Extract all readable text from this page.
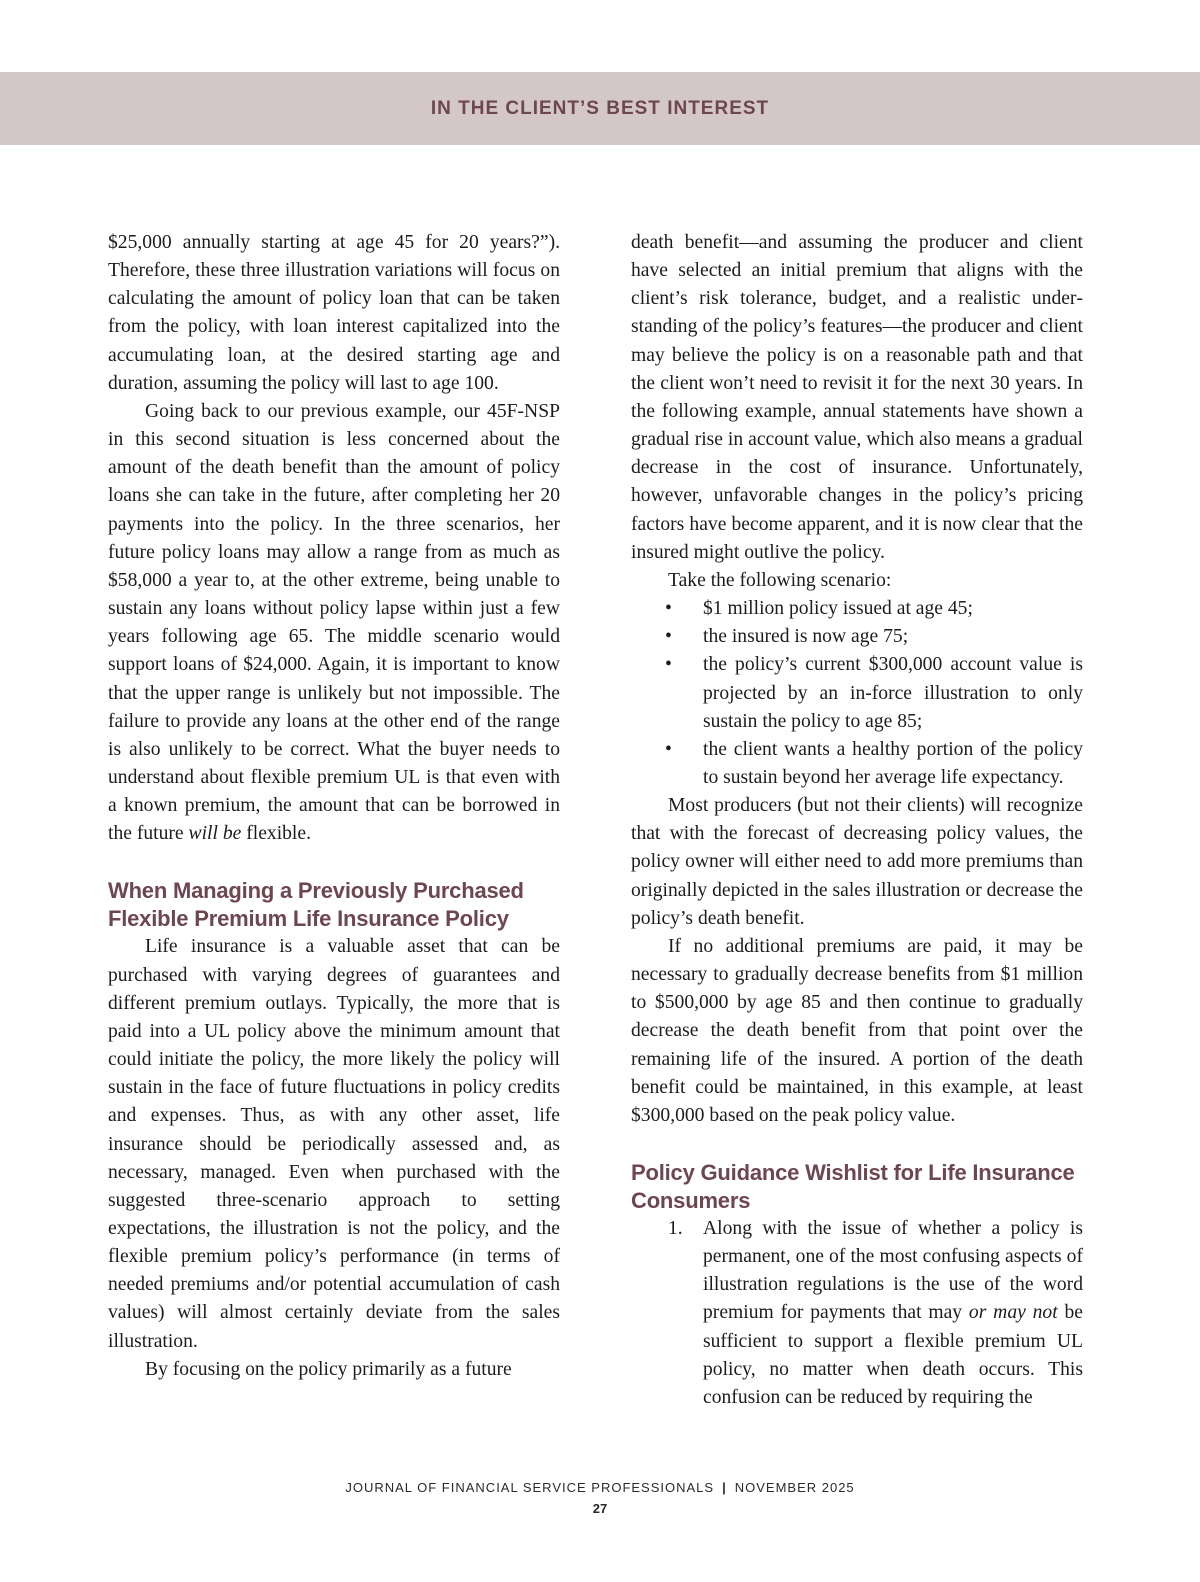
IN THE CLIENT’S BEST INTEREST

$25,000 annually starting at age 45 for 20 years?”). Therefore, these three illustration variations will focus on calculating the amount of policy loan that can be taken from the policy, with loan interest capitalized into the accumulating loan, at the desired starting age and duration, assuming the policy will last to age 100.

Going back to our previous example, our 45F-NSP in this second situation is less concerned about the amount of the death benefit than the amount of policy loans she can take in the future, after completing her 20 payments into the policy. In the three scenarios, her future policy loans may allow a range from as much as $58,000 a year to, at the other extreme, being unable to sustain any loans without policy lapse within just a few years following age 65. The middle scenario would support loans of $24,000. Again, it is important to know that the upper range is unlikely but not impossible. The failure to provide any loans at the other end of the range is also unlikely to be correct. What the buyer needs to understand about flexible premium UL is that even with a known premium, the amount that can be borrowed in the future will be flexible.

When Managing a Previously Purchased Flexible Premium Life Insurance Policy

Life insurance is a valuable asset that can be purchased with varying degrees of guarantees and different premium outlays. Typically, the more that is paid into a UL policy above the minimum amount that could initiate the policy, the more likely the policy will sustain in the face of future fluctuations in policy credits and expenses. Thus, as with any other asset, life insurance should be periodically assessed and, as necessary, managed. Even when purchased with the suggested three-scenario approach to setting expectations, the illustration is not the policy, and the flexible premium policy’s performance (in terms of needed premiums and/or potential accumulation of cash values) will almost certainly deviate from the sales illustration.

By focusing on the policy primarily as a future

death benefit—and assuming the producer and client have selected an initial premium that aligns with the client’s risk tolerance, budget, and a realistic understanding of the policy’s features—the producer and client may believe the policy is on a reasonable path and that the client won’t need to revisit it for the next 30 years. In the following example, annual statements have shown a gradual rise in account value, which also means a gradual decrease in the cost of insurance. Unfortunately, however, unfavorable changes in the policy’s pricing factors have become apparent, and it is now clear that the insured might outlive the policy.

Take the following scenario:

• $1 million policy issued at age 45;
• the insured is now age 75;
• the policy’s current $300,000 account value is projected by an in-force illustration to only sustain the policy to age 85;
• the client wants a healthy portion of the policy to sustain beyond her average life expectancy.

Most producers (but not their clients) will recognize that with the forecast of decreasing policy values, the policy owner will either need to add more premiums than originally depicted in the sales illustration or decrease the policy’s death benefit.

If no additional premiums are paid, it may be necessary to gradually decrease benefits from $1 million to $500,000 by age 85 and then continue to gradually decrease the death benefit from that point over the remaining life of the insured. A portion of the death benefit could be maintained, in this example, at least $300,000 based on the peak policy value.

Policy Guidance Wishlist for Life Insurance Consumers
1. Along with the issue of whether a policy is permanent, one of the most confusing aspects of illustration regulations is the use of the word premium for payments that may or may not be sufficient to support a flexible premium UL policy, no matter when death occurs. This confusion can be reduced by requiring the
JOURNAL OF FINANCIAL SERVICE PROFESSIONALS | NOVEMBER 2025
27
